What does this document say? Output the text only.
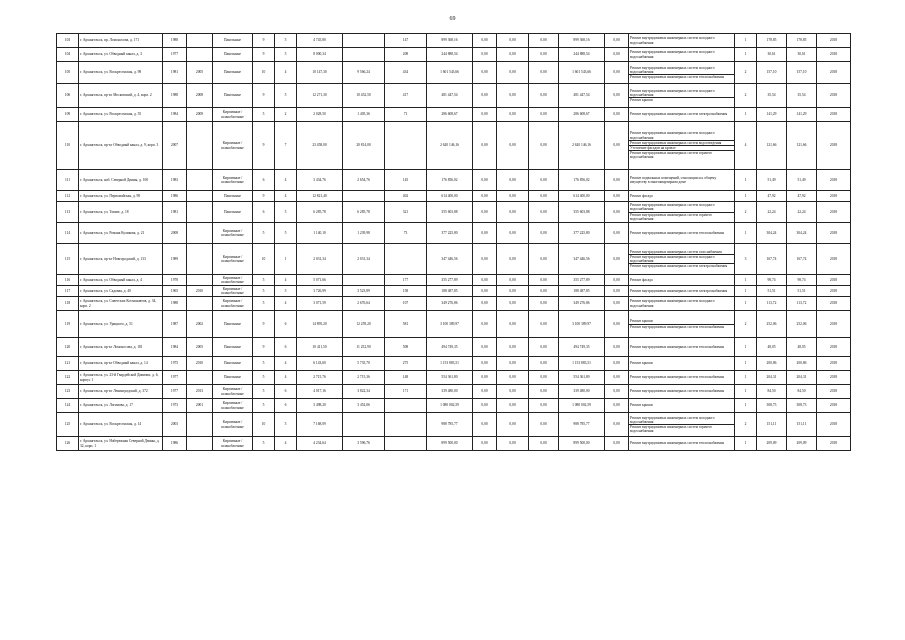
69
103	г. Архангельск, пр. Ломоносова, д. 171	1988		Панельные	9	5	4 745,80		147	899 368,16	0,00	0,00	0,00	899 368,16	0,00	Ремонт внутридомовых инженерных систем холодного водоснабжения	1	178,85	178,85	2018
104	г. Архангельск, ул. Обводный канал, д. 3	1977		Панельные	9	5	8 000,34		208	244 888,54	0,00	0,00	0,00	244 888,54	0,00	Ремонт внутридомовых инженерных систем холодного водоснабжения	1	30,61	30,61	2018
105	г. Архангельск, ул. Воскресенская, д. 98	1981	2005	Панельные	10	4	10 147,30	9 566,24	434	1 601 543,66	0,00	0,00	0,00	1 601 543,66	0,00	Ремонт внутридомовых инженерных систем холодного водоснабжения
Ремонт внутридомовых инженерных систем теплоснабжения	2	157,10	157,10	2018
106	г. Архангельск, пр-кт Московский, д. 4, корп. 2	1988	2008	Панельные	9	5	12 271,30	10 452,50	417	481 447,54	0,00	0,00	0,00	481 447,54	0,00	Ремонт внутридомовых инженерных систем холодного водоснабжения
Ремонт крыши	2	35,54	35,54	2018
109	г. Архангельск, ул. Воскресенская, д. 55	1984	2009	Кирпичные / шлакоблочные	5	2	2 028,50	1 405,36	71	286 608,67	0,00	0,00	0,00	286 608,67	0,00	Ремонт внутридомовых инженерных систем электроснабжения	1	141,29	141,29	2018
110	г. Архангельск, пр-кт Обводный канал, д. 9, корп. 3	2007		Кирпичные / шлакоблочные	9	7	23 458,00	20 814,00		2 620 146,16	0,00	0,00	0,00	2 620 146,16	0,00	Ремонт внутридомовых инженерных систем холодного водоснабжения
Ремонт внутридомовых инженерных систем водоотведения
Утепление фасадов на кровле
Ремонт внутридомовых инженерных систем горячего водоснабжения	4	121,66	121,66	2018
111	г. Архангельск, наб. Северной Двины, д. 100	1983		Кирпичные / шлакоблочные	6	4	3 434,76	2 654,76	145	176 856,02	0,00	0,00	0,00	176 856,02	0,00	Ремонт подвальных помещений, относящихся к общему имуществу в многоквартирном доме	1	51,49	51,49	2018
112	г. Архангельск, ул. Первомайская, д. 98	1986		Панельные	9	4	12 821,40		402	614 400,00	0,00	0,00	0,00	614 400,00	0,00	Ремонт фасада	1	47,92	47,92	2018
113	г. Архангельск, ул. Тимме, д. 18	1981		Панельные	6	5	6 285,78	6 285,78	321	355 603,88	0,00	0,00	0,00	355 603,88	0,00	Ремонт внутридомовых инженерных систем холодного водоснабжения
Ремонт внутридомовых инженерных систем горячего водоснабжения	2	22,24	22,24	2018
114	г. Архангельск, ул. Романа Куликова, д. 21	2008		Кирпичные / шлакоблочные	5	5	1 140,10	1 239,98	73	377 225,80	0,00	0,00	0,00	377 225,80	0,00	Ремонт внутридомовых инженерных систем теплоснабжения	1	304,24	304,24	2018
115	г. Архангельск, пр-кт Новгородский, д. 133	1989		Кирпичные / шлакоблочные	10	1	2 031,34	2 031,34		347 446,56	0,00	0,00	0,00	347 446,56	0,00	Ремонт внутридомовых инженерных систем газоснабжения
Ремонт внутридомовых инженерных систем холодного водоснабжения
Ремонт внутридомовых инженерных систем электроснабжения	3	167,74	167,74	2018
116	г. Архангельск, ул. Обводный канал, д. 4	1978		Кирпичные / шлакоблочные	5	4	5 071,66		177	355 277,89	0,00	0,00	0,00	355 277,89	0,00	Ремонт фасада	1	98,74	98,74	2018
117	г. Архангельск, ул. Садовая, д. 40	1965	2010	Кирпичные / шлакоблочные	5	5	3 726,99	3 523,89	158	188 487,85	0,00	0,00	0,00	188 487,85	0,00	Ремонт внутридомовых инженерных систем электроснабжения	1	51,51	51,51	2018
118	г. Архангельск, ул. Советских Космонавтов, д. 34, корп. 2	1988		Кирпичные / шлакоблочные	5	4	3 071,59	2 676,64	107	349 276,86	0,00	0,00	0,00	349 276,86	0,00	Ремонт внутридомовых инженерных систем холодного водоснабжения	1	113,72	113,72	2018
119	г. Архангельск, ул. Урицкого, д. 51	1987	2002	Панельные	9	6	14 895,20	12 259,20	581	3 100 389,97	0,00	0,00	0,00	3 100 389,97	0,00	Ремонт крыши
Ремонт внутридомовых инженерных систем теплоснабжения	2	252,06	252,06	2018
120	г. Архангельск, пр-кт Ломоносова, д. 181	1984	2005	Панельные	9	6	10 411,50	11 252,90	508	494 749,35	0,00	0,00	0,00	494 749,35	0,00	Ремонт внутридомовых инженерных систем теплоснабжения	1	48,05	48,05	2018
121	г. Архангельск, пр-кт Обводный канал, д. 14	1975	2010	Панельные	5	4	6 143,60	5 735,70	275	1 153 883,51	0,00	0,00	0,00	1 153 883,51	0,00	Ремонт крыши	1	200,86	200,86	2018
122	г. Архангельск, ул. 23-й Гвардейской Дивизии, д. 6, корпус 1	1977		Панельные	5	4	2 715,76	2 715,36	148	554 361,80	0,00	0,00	0,00	554 361,80	0,00	Ремонт внутридомовых инженерных систем теплоснабжения	1	204,31	204,31	2018
123	г. Архангельск, пр-кт Ленинградский, д. 372	1977	2013	Кирпичные / шлакоблочные	5	6	4 017,16	3 822,34	171	339 480,00	0,00	0,00	0,00	339 480,00	0,00	Ремонт внутридомовых инженерных систем теплоснабжения	1	84,50	84,50	2018
124	г. Архангельск, ул. Логинова, д. 17	1973	2001	Кирпичные / шлакоблочные	5	6	3 498,20	3 452,06		1 080 002,59	0,00	0,00	0,00	1 080 002,59	0,00	Ремонт крыши	1	308,73	308,73	2018
125	г. Архангельск, ул. Воскресенская, д. 14	2003		Кирпичные / шлакоблочные	10	5	7 168,09			988 785,77	0,00	0,00	0,00	988 785,77	0,00	Ремонт внутридомовых инженерных систем холодного водоснабжения
Ремонт внутридомовых инженерных систем горячего водоснабжения	2	151,11	151,11	2018
126	г. Архангельск, ул. Набережная Северной Двины, д. 32, корп. 1	1986		Кирпичные / шлакоблочные	5	4	4 234,64	3 596,76		899 500,00	0,00	0,00	0,00	899 500,00	0,00	Ремонт внутридомовых инженерных систем теплоснабжения	1	209,09	209,09	2018
